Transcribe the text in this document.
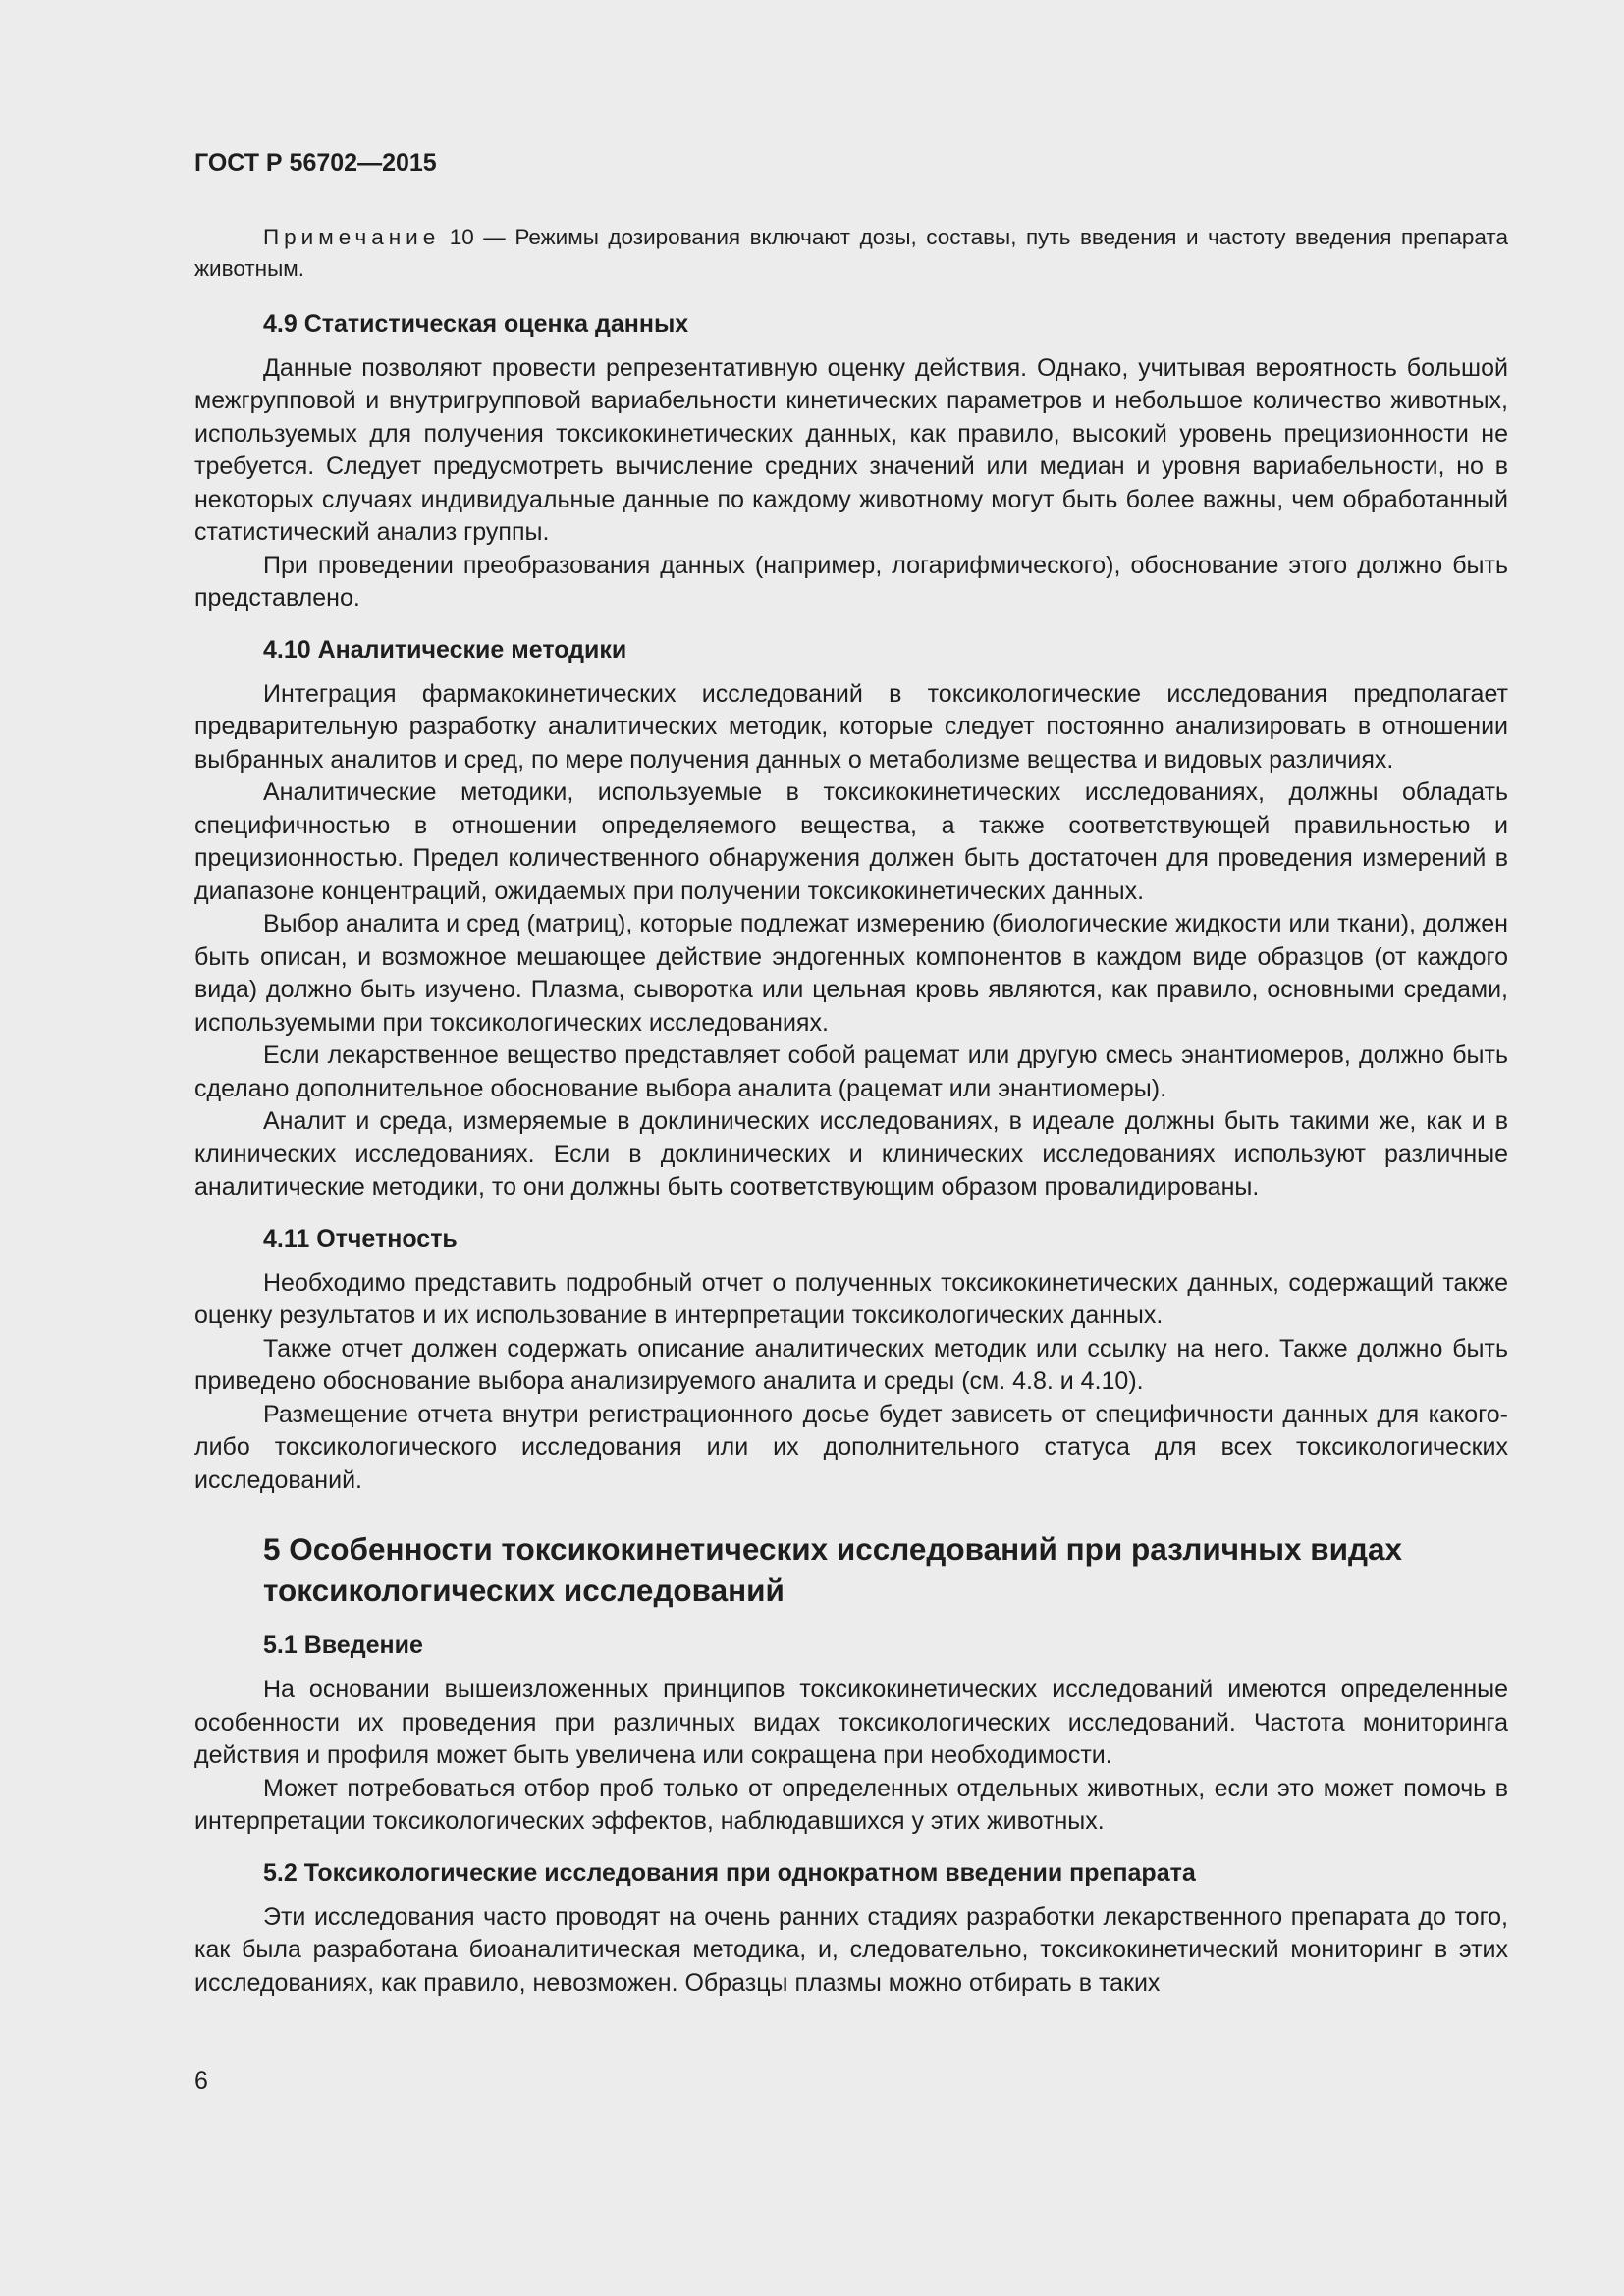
ГОСТ Р 56702—2015

Примечание 10 — Режимы дозирования включают дозы, составы, путь введения и частоту введения препарата животным.

4.9 Статистическая оценка данных

Данные позволяют провести репрезентативную оценку действия. Однако, учитывая вероятность большой межгрупповой и внутригрупповой вариабельности кинетических параметров и небольшое количество животных, используемых для получения токсикокинетических данных, как правило, высокий уровень прецизионности не требуется. Следует предусмотреть вычисление средних значений или медиан и уровня вариабельности, но в некоторых случаях индивидуальные данные по каждому животному могут быть более важны, чем обработанный статистический анализ группы.

При проведении преобразования данных (например, логарифмического), обоснование этого должно быть представлено.

4.10 Аналитические методики

Интеграция фармакокинетических исследований в токсикологические исследования предполагает предварительную разработку аналитических методик, которые следует постоянно анализировать в отношении выбранных аналитов и сред, по мере получения данных о метаболизме вещества и видовых различиях.

Аналитические методики, используемые в токсикокинетических исследованиях, должны обладать специфичностью в отношении определяемого вещества, а также соответствующей правильностью и прецизионностью. Предел количественного обнаружения должен быть достаточен для проведения измерений в диапазоне концентраций, ожидаемых при получении токсикокинетических данных.

Выбор аналита и сред (матриц), которые подлежат измерению (биологические жидкости или ткани), должен быть описан, и возможное мешающее действие эндогенных компонентов в каждом виде образцов (от каждого вида) должно быть изучено. Плазма, сыворотка или цельная кровь являются, как правило, основными средами, используемыми при токсикологических исследованиях.

Если лекарственное вещество представляет собой рацемат или другую смесь энантиомеров, должно быть сделано дополнительное обоснование выбора аналита (рацемат или энантиомеры).

Аналит и среда, измеряемые в доклинических исследованиях, в идеале должны быть такими же, как и в клинических исследованиях. Если в доклинических и клинических исследованиях используют различные аналитические методики, то они должны быть соответствующим образом провалидированы.

4.11 Отчетность

Необходимо представить подробный отчет о полученных токсикокинетических данных, содержащий также оценку результатов и их использование в интерпретации токсикологических данных.

Также отчет должен содержать описание аналитических методик или ссылку на него. Также должно быть приведено обоснование выбора анализируемого аналита и среды (см. 4.8. и 4.10).

Размещение отчета внутри регистрационного досье будет зависеть от специфичности данных для какого-либо токсикологического исследования или их дополнительного статуса для всех токсикологических исследований.

5 Особенности токсикокинетических исследований при различных видах токсикологических исследований
5.1 Введение

На основании вышеизложенных принципов токсикокинетических исследований имеются определенные особенности их проведения при различных видах токсикологических исследований. Частота мониторинга действия и профиля может быть увеличена или сокращена при необходимости.

Может потребоваться отбор проб только от определенных отдельных животных, если это может помочь в интерпретации токсикологических эффектов, наблюдавшихся у этих животных.

5.2 Токсикологические исследования при однократном введении препарата

Эти исследования часто проводят на очень ранних стадиях разработки лекарственного препарата до того, как была разработана биоаналитическая методика, и, следовательно, токсикокинетический мониторинг в этих исследованиях, как правило, невозможен. Образцы плазмы можно отбирать в таких

6
